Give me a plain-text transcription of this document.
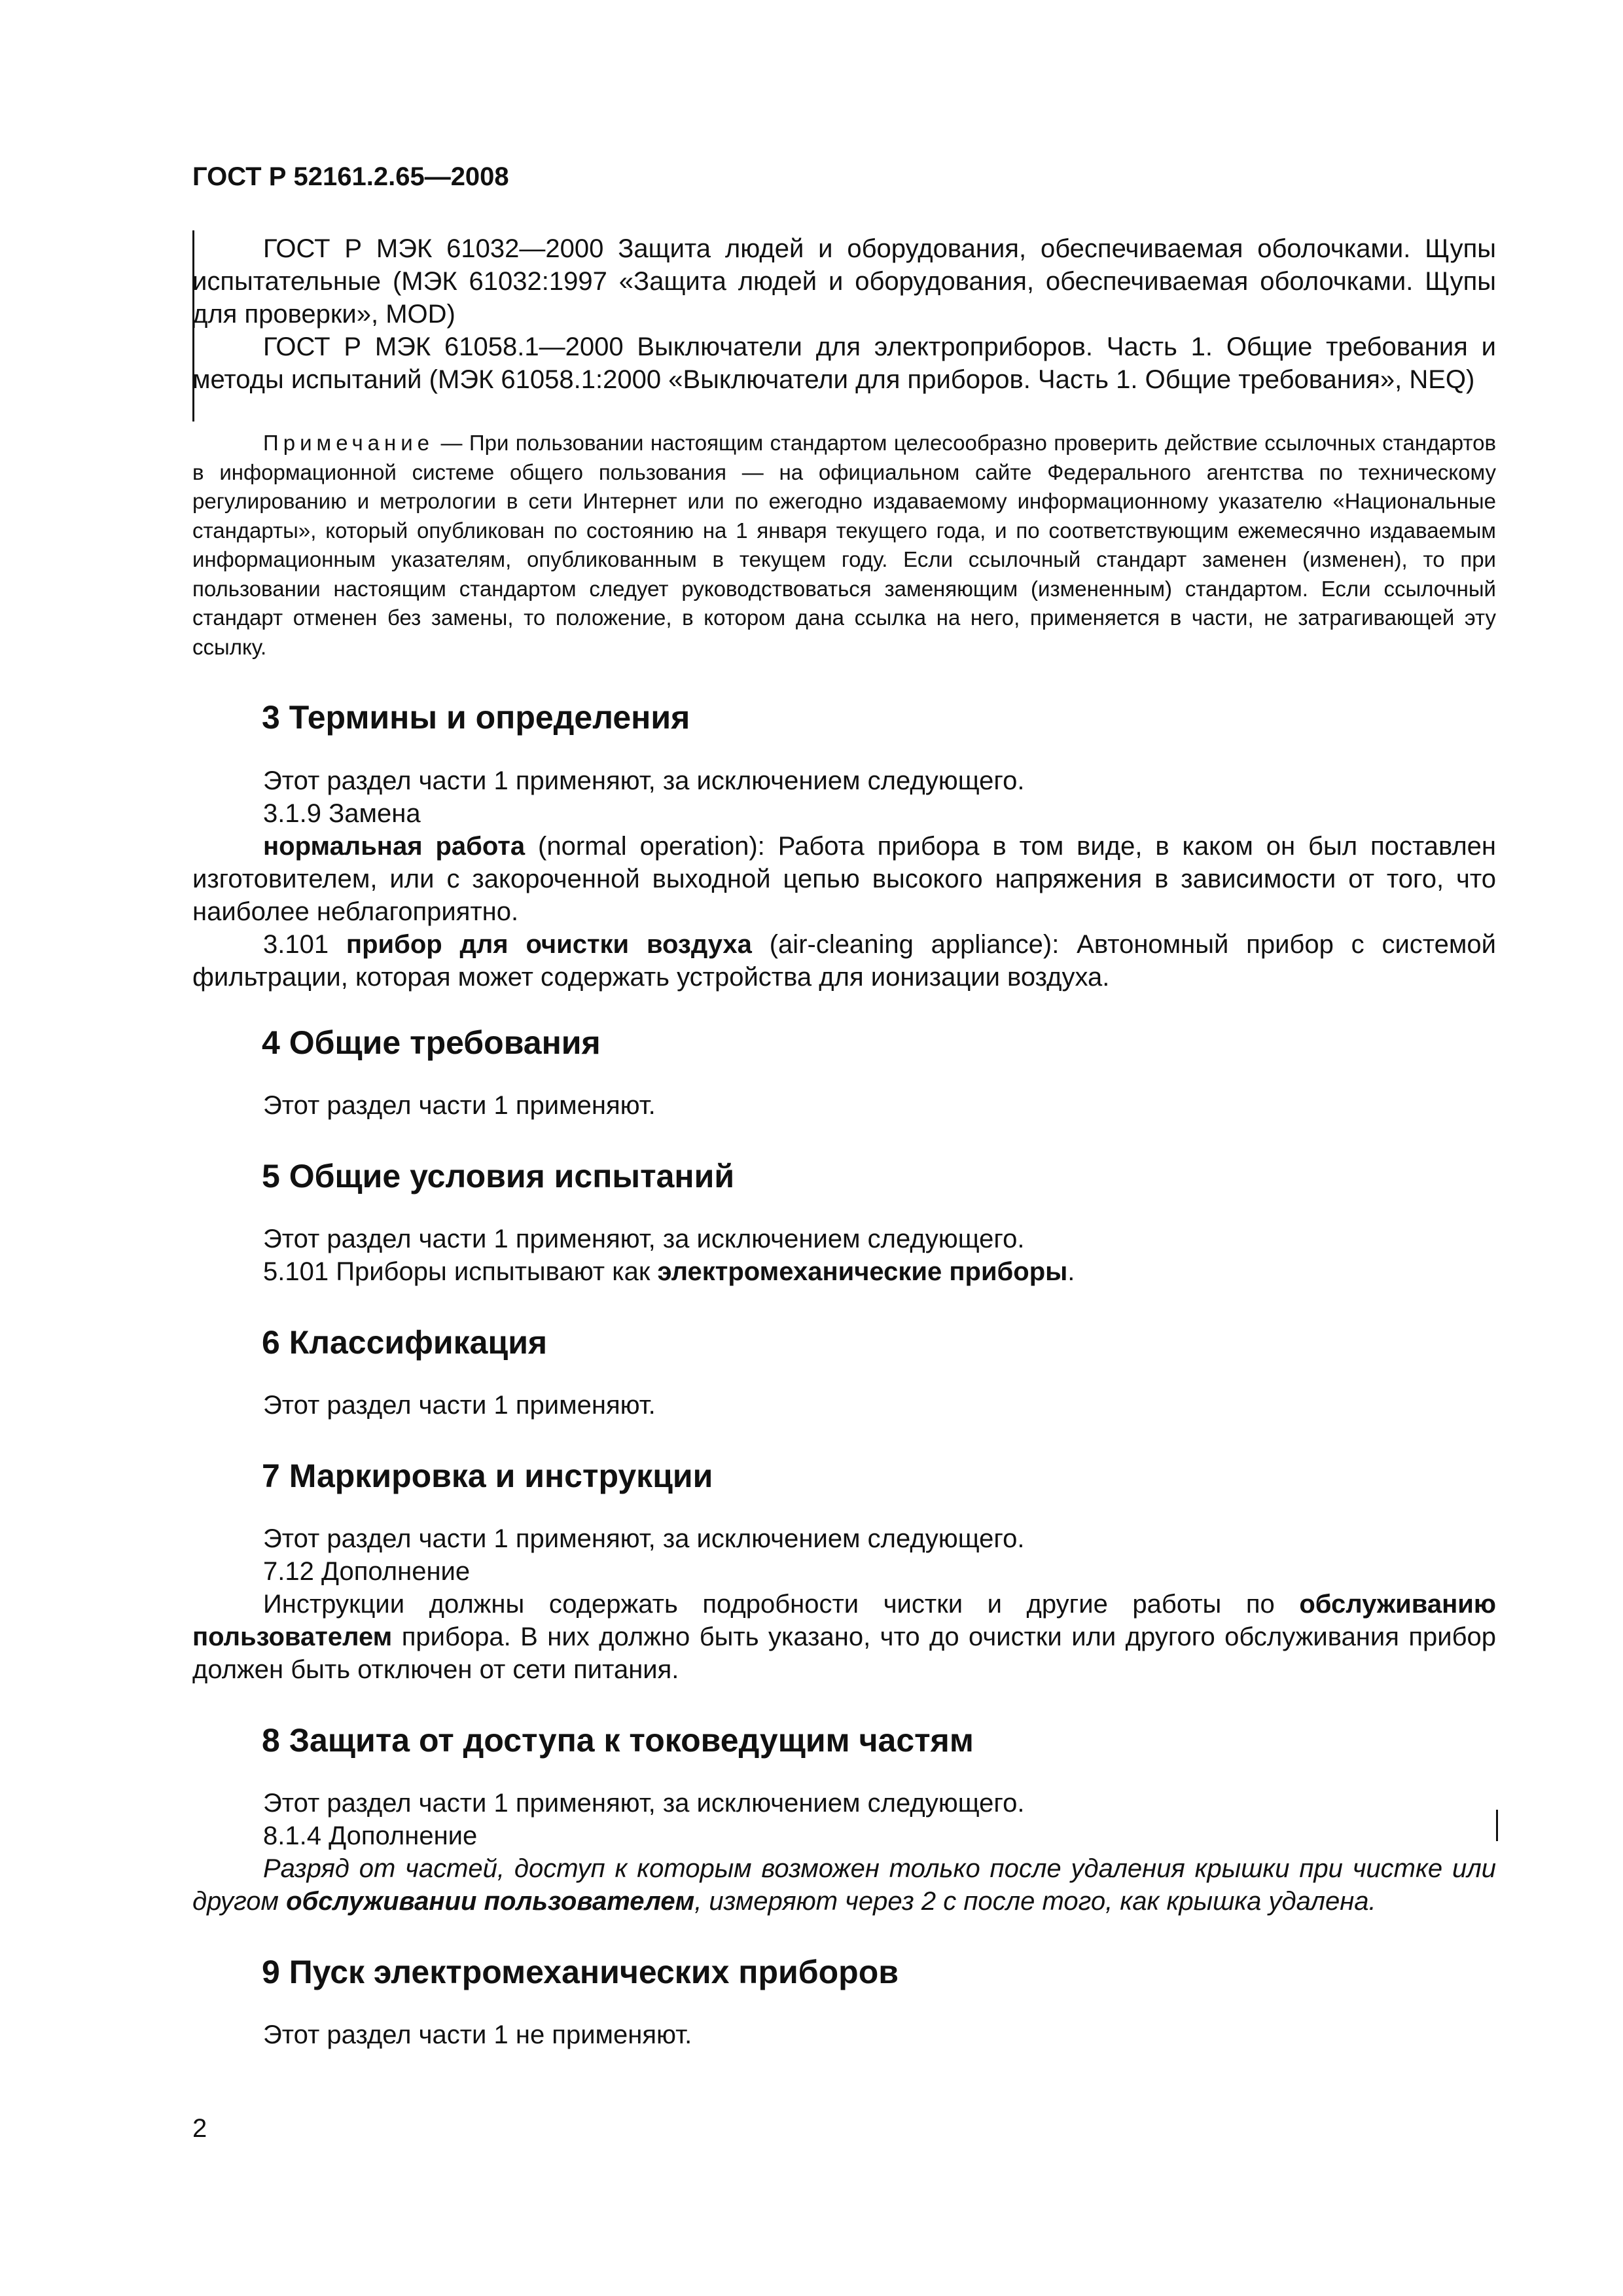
ГОСТ Р 52161.2.65—2008

ГОСТ Р МЭК 61032—2000 Защита людей и оборудования, обеспечиваемая оболочками. Щупы испытательные (МЭК 61032:1997 «Защита людей и оборудования, обеспечиваемая оболочками. Щупы для проверки», MOD)

ГОСТ Р МЭК 61058.1—2000 Выключатели для электроприборов. Часть 1. Общие требования и методы испытаний (МЭК 61058.1:2000 «Выключатели для приборов. Часть 1. Общие требования», NEQ)

Примечание — При пользовании настоящим стандартом целесообразно проверить действие ссылочных стандартов в информационной системе общего пользования — на официальном сайте Федерального агентства по техническому регулированию и метрологии в сети Интернет или по ежегодно издаваемому информационному указателю «Национальные стандарты», который опубликован по состоянию на 1 января текущего года, и по соответствующим ежемесячно издаваемым информационным указателям, опубликованным в текущем году. Если ссылочный стандарт заменен (изменен), то при пользовании настоящим стандартом следует руководствоваться заменяющим (измененным) стандартом. Если ссылочный стандарт отменен без замены, то положение, в котором дана ссылка на него, применяется в части, не затрагивающей эту ссылку.

3 Термины и определения

Этот раздел части 1 применяют, за исключением следующего.

3.1.9 Замена

нормальная работа (normal operation): Работа прибора в том виде, в каком он был поставлен изготовителем, или с закороченной выходной цепью высокого напряжения в зависимости от того, что наиболее неблагоприятно.

3.101 прибор для очистки воздуха (air-cleaning appliance): Автономный прибор с системой фильтрации, которая может содержать устройства для ионизации воздуха.

4 Общие требования

Этот раздел части 1 применяют.

5 Общие условия испытаний

Этот раздел части 1 применяют, за исключением следующего.

5.101 Приборы испытывают как электромеханические приборы.

6 Классификация

Этот раздел части 1 применяют.

7 Маркировка и инструкции

Этот раздел части 1 применяют, за исключением следующего.

7.12 Дополнение

Инструкции должны содержать подробности чистки и другие работы по обслуживанию пользователем прибора. В них должно быть указано, что до очистки или другого обслуживания прибор должен быть отключен от сети питания.

8 Защита от доступа к токоведущим частям

Этот раздел части 1 применяют, за исключением следующего.

8.1.4 Дополнение

Разряд от частей, доступ к которым возможен только после удаления крышки при чистке или другом обслуживании пользователем, измеряют через 2 с после того, как крышка удалена.

9 Пуск электромеханических приборов

Этот раздел части 1 не применяют.

2
